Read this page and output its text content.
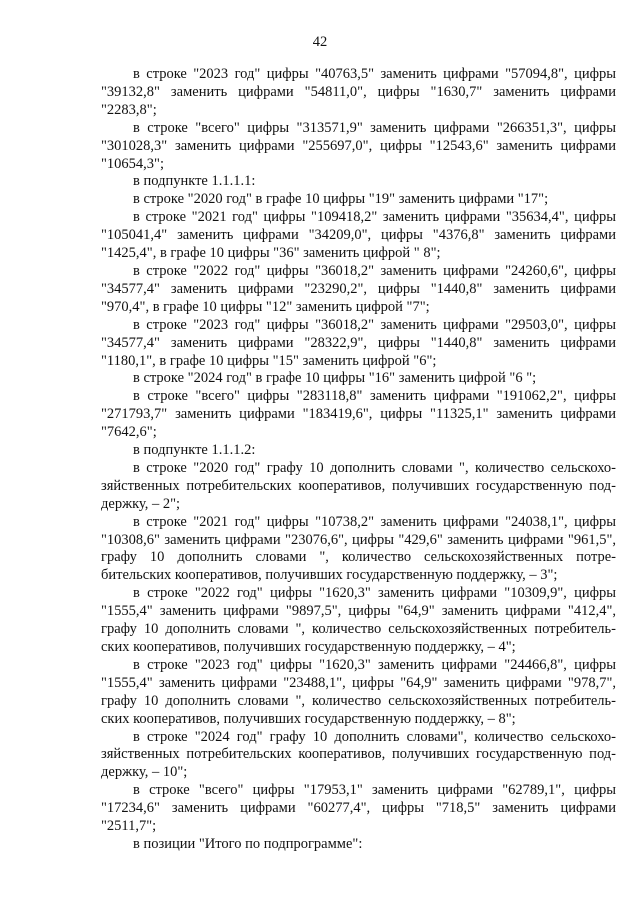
42

в строке "2023 год" цифры "40763,5" заменить цифрами "57094,8", цифры "39132,8" заменить цифрами "54811,0", цифры "1630,7" заменить цифрами "2283,8";

в строке "всего" цифры "313571,9" заменить цифрами "266351,3", цифры "301028,3" заменить цифрами "255697,0", цифры "12543,6" заменить цифрами "10654,3";

в подпункте 1.1.1.1:

в строке "2020 год" в графе 10 цифры "19" заменить цифрами "17";

в строке "2021 год" цифры "109418,2" заменить цифрами "35634,4", цифры "105041,4" заменить цифрами "34209,0", цифры "4376,8" заменить цифрами "1425,4", в графе 10 цифры "36" заменить цифрой " 8";

в строке "2022 год" цифры "36018,2" заменить цифрами "24260,6", цифры "34577,4" заменить цифрами "23290,2", цифры "1440,8" заменить цифрами "970,4", в графе 10 цифры "12" заменить цифрой "7";

в строке "2023 год" цифры "36018,2" заменить цифрами "29503,0", цифры "34577,4" заменить цифрами "28322,9", цифры "1440,8" заменить цифрами "1180,1", в графе 10 цифры "15" заменить цифрой "6";

в строке "2024 год" в графе 10 цифры "16" заменить цифрой "6 ";

в строке "всего" цифры "283118,8" заменить цифрами "191062,2", цифры "271793,7" заменить цифрами "183419,6", цифры "11325,1" заменить цифрами "7642,6";

в подпункте 1.1.1.2:

в строке "2020 год" графу 10 дополнить словами ", количество сельскохозяйственных потребительских кооперативов, получивших государственную поддержку, – 2";

в строке "2021 год" цифры "10738,2" заменить цифрами "24038,1", цифры "10308,6" заменить цифрами "23076,6", цифры "429,6" заменить цифрами "961,5", графу 10 дополнить словами ", количество сельскохозяйственных потребительских кооперативов, получивших государственную поддержку, – 3";

в строке "2022 год" цифры "1620,3" заменить цифрами "10309,9", цифры "1555,4" заменить цифрами "9897,5", цифры "64,9" заменить цифрами "412,4", графу 10 дополнить словами ", количество сельскохозяйственных потребительских кооперативов, получивших государственную поддержку, – 4";

в строке "2023 год" цифры "1620,3" заменить цифрами "24466,8", цифры "1555,4" заменить цифрами "23488,1", цифры "64,9" заменить цифрами "978,7", графу 10 дополнить словами ", количество сельскохозяйственных потребительских кооперативов, получивших государственную поддержку, – 8";

в строке "2024 год" графу 10 дополнить словами", количество сельскохозяйственных потребительских кооперативов, получивших государственную поддержку, – 10";

в строке "всего" цифры "17953,1" заменить цифрами "62789,1", цифры "17234,6" заменить цифрами "60277,4", цифры "718,5" заменить цифрами "2511,7";

в позиции "Итого по подпрограмме":
